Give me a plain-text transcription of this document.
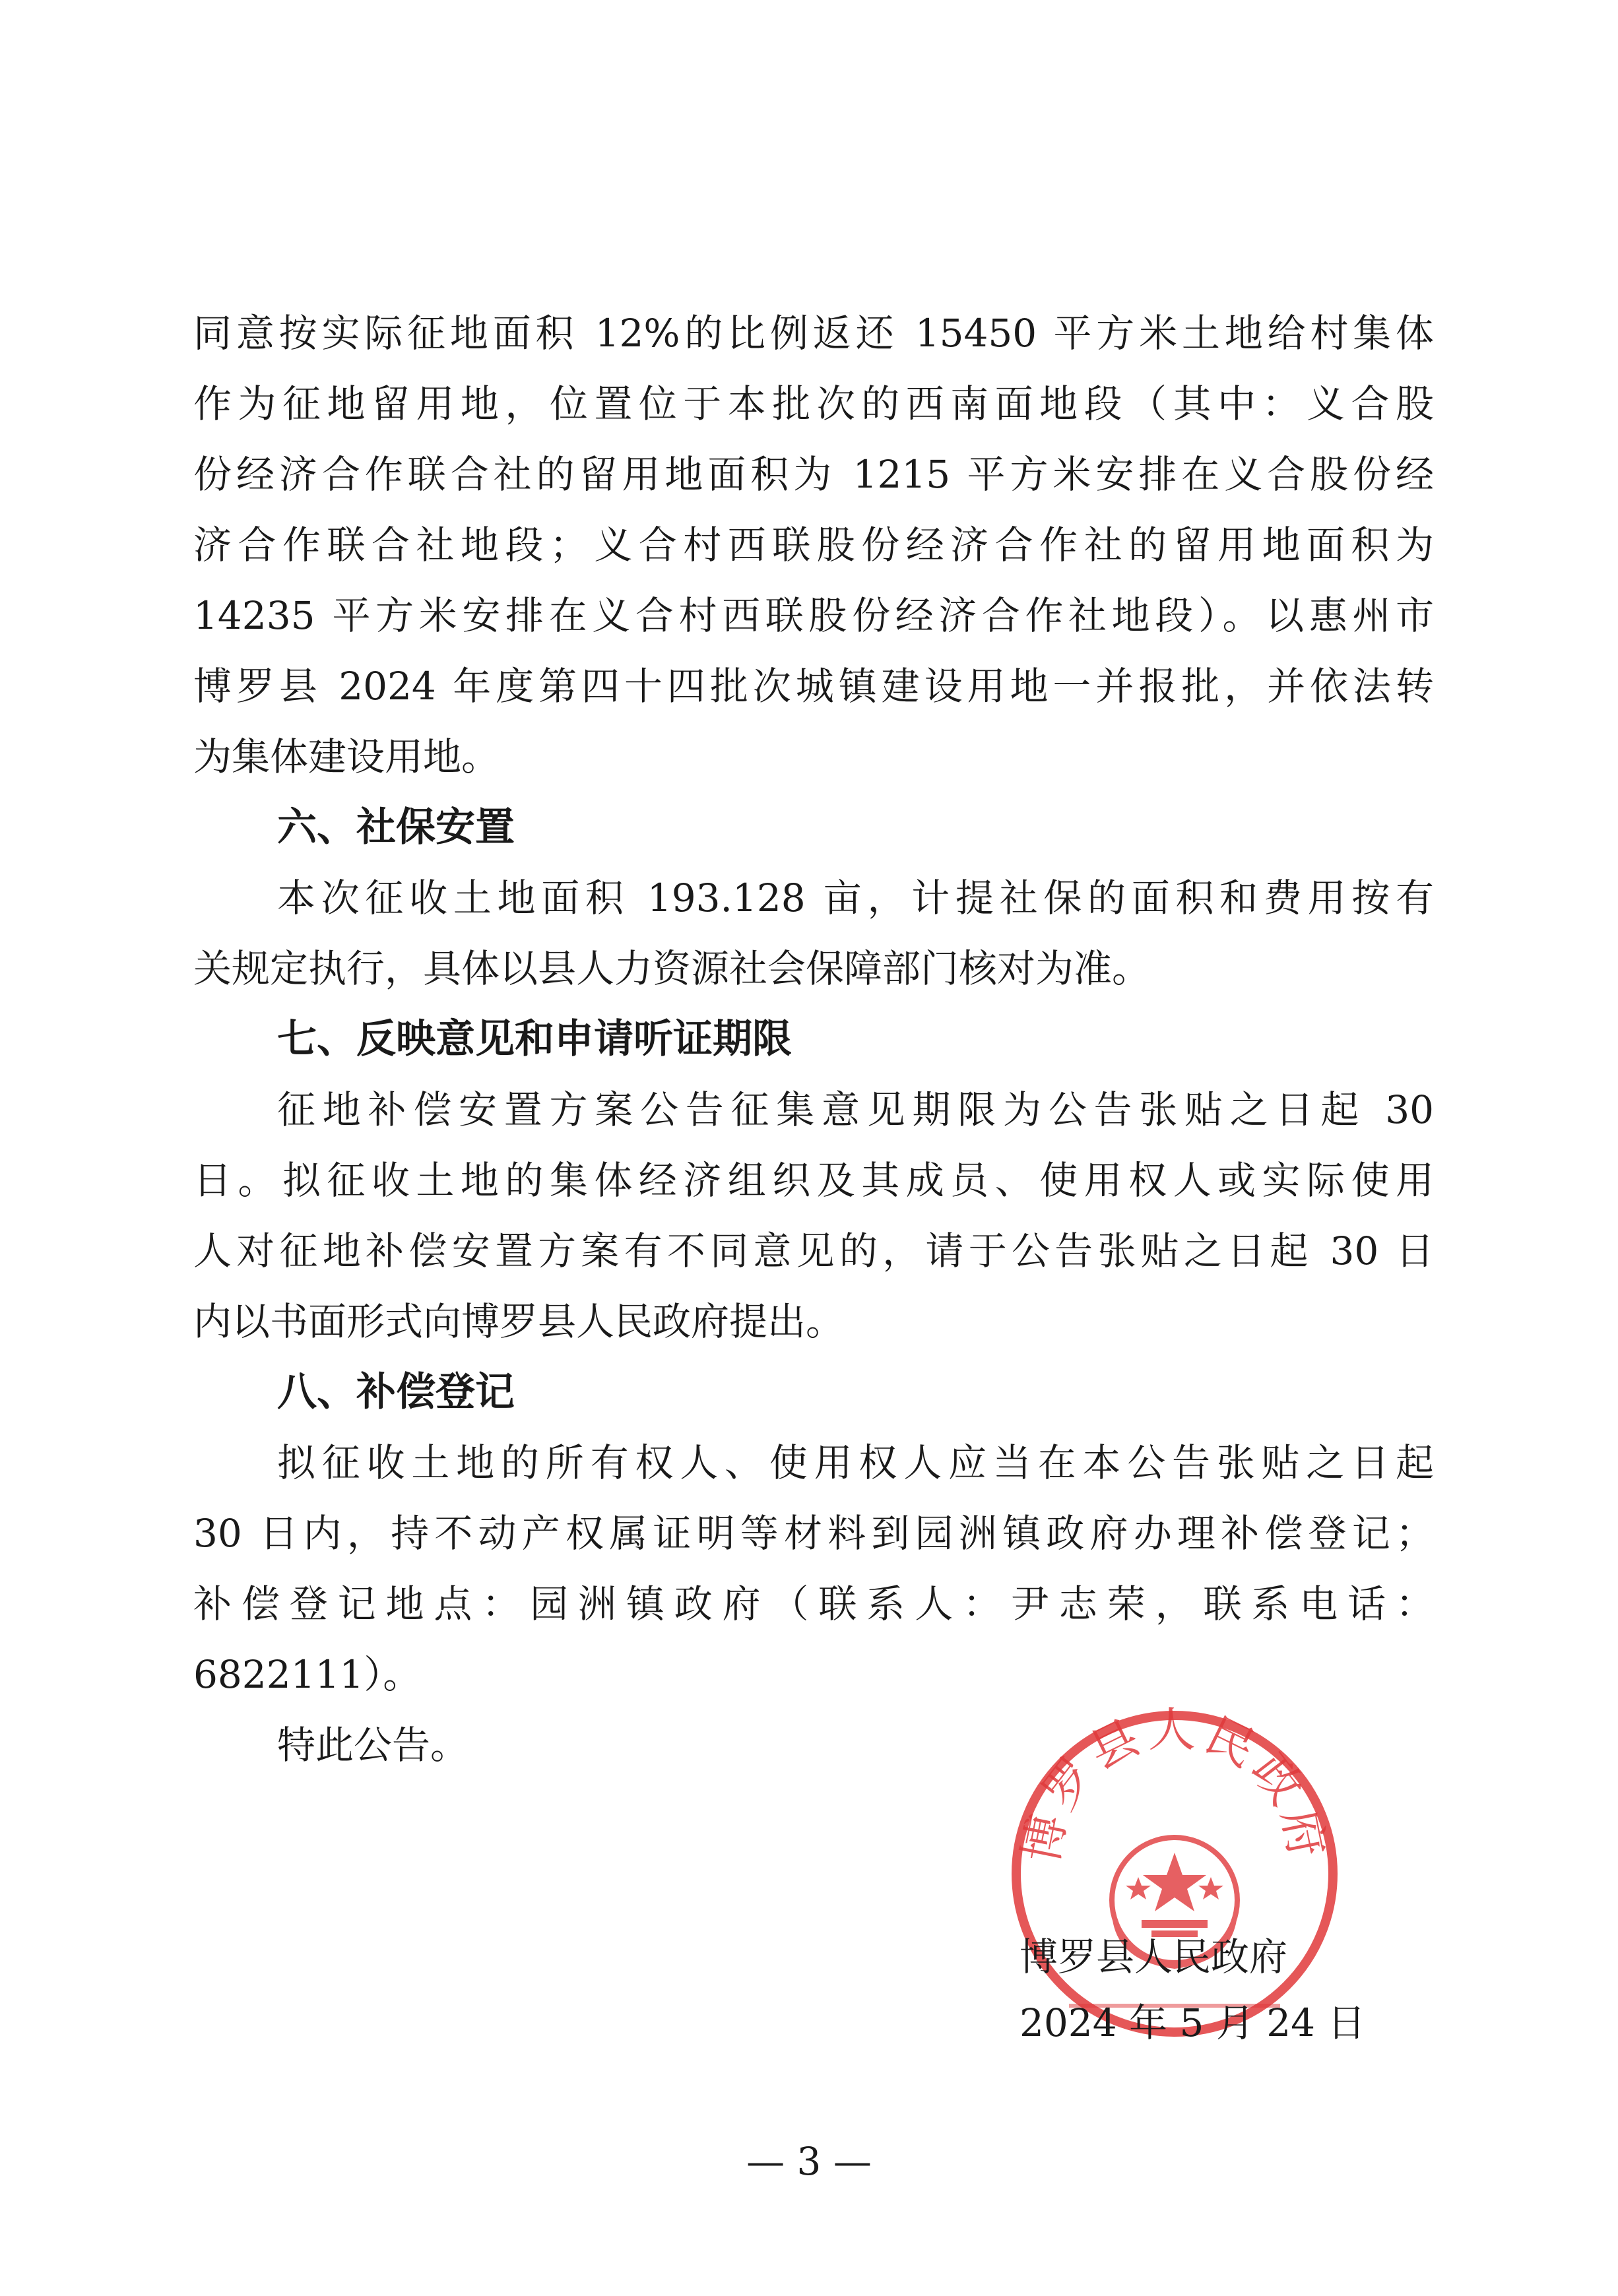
同意按实际征地面积 12%的比例返还 15450 平方米土地给村集体
作为征地留用地，位置位于本批次的西南面地段（其中：义合股
份经济合作联合社的留用地面积为 1215 平方米安排在义合股份经
济合作联合社地段；义合村西联股份经济合作社的留用地面积为
14235 平方米安排在义合村西联股份经济合作社地段）。以惠州市
博罗县 2024 年度第四十四批次城镇建设用地一并报批，并依法转
为集体建设用地。
六、社保安置
本次征收土地面积 193.128 亩，计提社保的面积和费用按有
关规定执行，具体以县人力资源社会保障部门核对为准。
七、反映意见和申请听证期限
征地补偿安置方案公告征集意见期限为公告张贴之日起 30
日。拟征收土地的集体经济组织及其成员、使用权人或实际使用
人对征地补偿安置方案有不同意见的，请于公告张贴之日起 30 日
内以书面形式向博罗县人民政府提出。
八、补偿登记
拟征收土地的所有权人、使用权人应当在本公告张贴之日起
30 日内，持不动产权属证明等材料到园洲镇政府办理补偿登记；
补偿登记地点：园洲镇政府（联系人：尹志荣，联系电话：
6822111）。
特此公告。
博罗县人民政府
博罗县人民政府
2024 年 5 月 24 日
— 3 —
